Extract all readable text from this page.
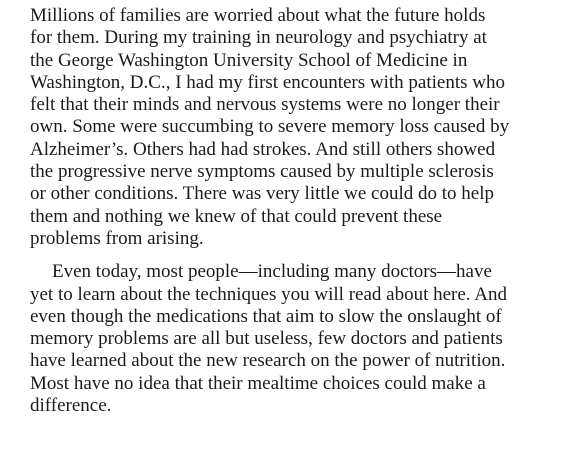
Millions of families are worried about what the future holds
for them. During my training in neurology and psychiatry at
the George Washington University School of Medicine in
Washington, D.C., I had my first encounters with patients who
felt that their minds and nervous systems were no longer their
own. Some were succumbing to severe memory loss caused by
Alzheimer’s. Others had had strokes. And still others showed
the progressive nerve symptoms caused by multiple sclerosis
or other conditions. There was very little we could do to help
them and nothing we knew of that could prevent these
problems from arising.

Even today, most people—including many doctors—have
yet to learn about the techniques you will read about here. And
even though the medications that aim to slow the onslaught of
memory problems are all but useless, few doctors and patients
have learned about the new research on the power of nutrition.
Most have no idea that their mealtime choices could make a
difference.
